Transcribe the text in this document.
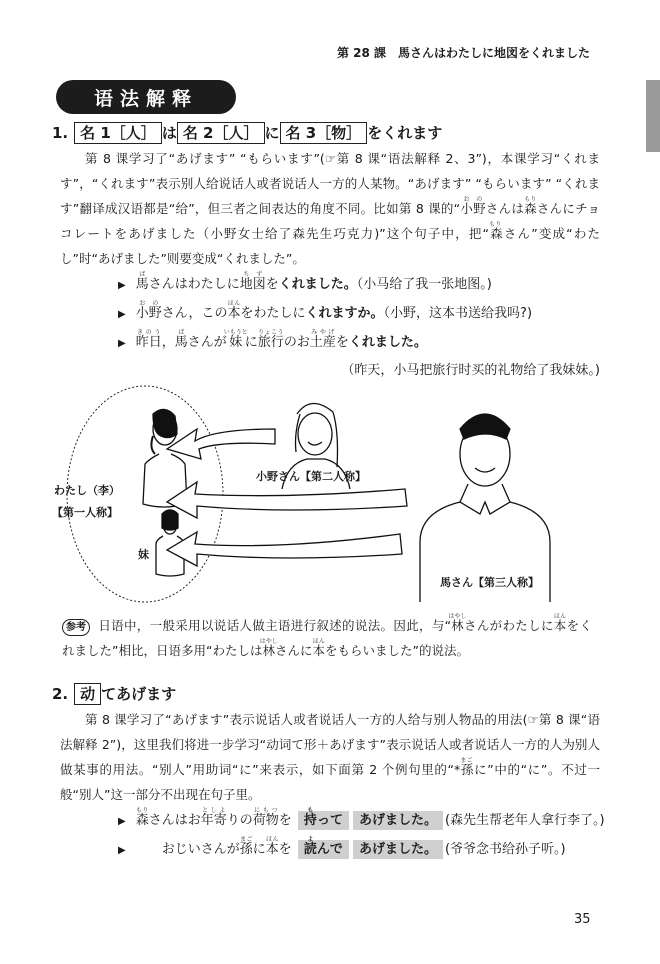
第 28 課　馬さんはわたしに地図をくれました
语法解释
1. 名 1［人］ は 名 2［人］ に 名 3［物］ をくれます

第 8 课学习了“あげます” “もらいます”(☞第 8 课“语法解释 2、3”)，本课学习“くれます”，“くれます”表示别人给说话人或者说话人一方的人某物。“あげます” “もらいます” “くれます”翻译成汉语都是“给”，但三者之间表达的角度不同。比如第 8 课的“小野おのさんは森もりさんにチョコレートをあげました（小野女士给了森先生巧克力)”这个句子中，把“森もりさん”变成“わたし”时“あげました”则要变成“くれました”。

▶ 馬ばさんはわたしに地図ちずをくれました。（小马给了我一张地图。)
▶ 小野おのさん，この本ほんをわたしにくれますか。（小野，这本书送给我吗?)
▶ 昨日きのう，馬ばさんが妹いもうとに旅行りょこうのお土産みやげをくれました。
（昨天，小马把旅行时买的礼物给了我妹妹。)
わたし（李）
【第一人称】
妹
小野さん【第二人称】
馬さん【第三人称】
参考 日语中，一般采用以说话人做主语进行叙述的说法。因此，与“林はやしさんがわたしに本ほんをくれました”相比，日语多用“わたしは林はやしさんに本ほんをもらいました”的说法。
2. 动 てあげます

第 8 课学习了“あげます”表示说话人或者说话人一方的人给与别人物品的用法(☞第 8 课“语法解释 2”)，这里我们将进一步学习“动词て形＋あげます”表示说话人或者说话人一方的人为别人做某事的用法。“别人”用助词“に”来表示，如下面第 2 个例句里的“*孫まごに”中的“に”。不过一般“别人”这一部分不出现在句子里。

▶ 森もりさんはお年寄としよりの荷物にもつを 持もって あげました。 (森先生帮老年人拿行李了。)
▶　　おじいさんが孫まごに本ほんを 読よんで あげました。 (爷爷念书给孙子听。)
35
